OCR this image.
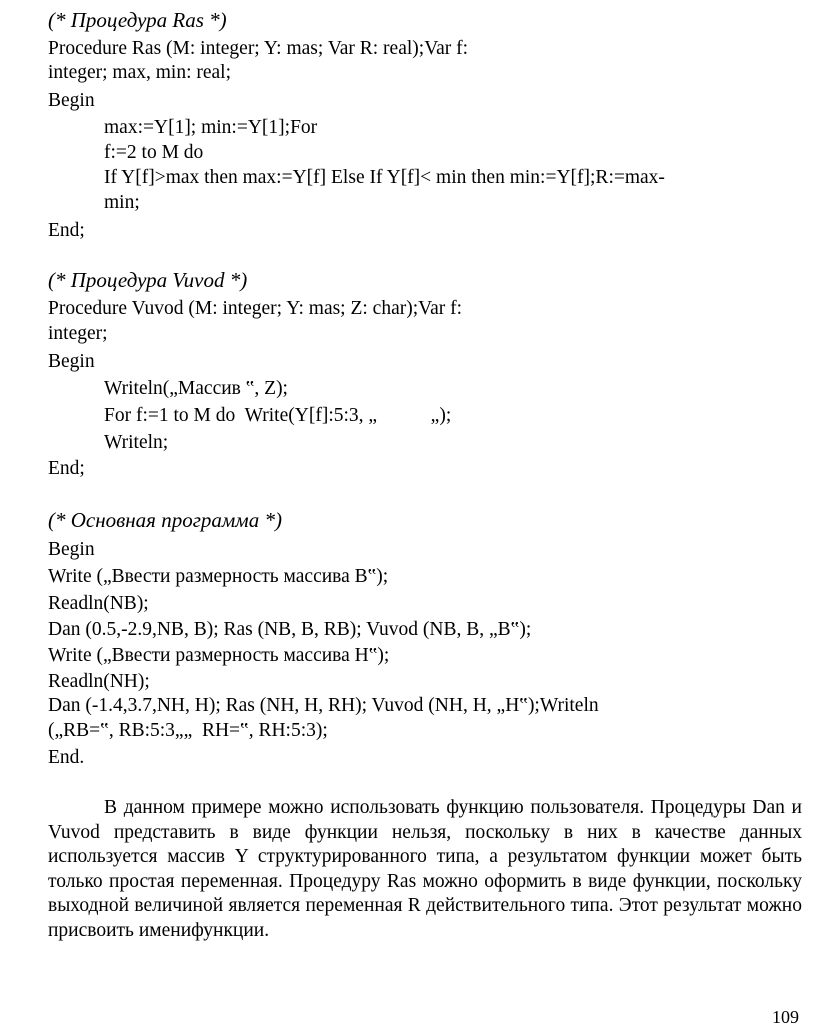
(* Процедура Ras *)
Procedure Ras (M: integer; Y: mas; Var R: real);Var f:
integer; max, min: real;
Begin
max:=Y[1]; min:=Y[1];For
f:=2 to M do
If Y[f]>max then max:=Y[f] Else If Y[f]< min then min:=Y[f];R:=max-
min;
End;
(* Процедура Vuvod *)
Procedure Vuvod (M: integer; Y: mas; Z: char);Var f:
integer;
Begin
Writeln(„Массив ‟, Z);
For f:=1 to M do  Write(Y[f]:5:3, „           „);
Writeln;
End;
(* Основная программа *)
Begin
Write („Ввести размерность массива B‟);
Readln(NB);
Dan (0.5,-2.9,NB, B); Ras (NB, B, RB); Vuvod (NB, B, „B‟);
Write („Ввести размерность массива H‟);
Readln(NH);
Dan (-1.4,3.7,NH, H); Ras (NH, H, RH); Vuvod (NH, H, „H‟);Writeln
(„RB=‟, RB:5:3„„  RH=‟, RH:5:3);
End.
В данном примере можно использовать функцию пользователя. Процедуры Dan и Vuvod представить в виде функции нельзя, поскольку в них в качестве данных используется массив Y структурированного типа, а результатом функции может быть только простая переменная. Процедуру Ras можно оформить в виде функции, поскольку выходной величиной является переменная R действительного типа. Этот результат можно присвоить именифункции.
109
